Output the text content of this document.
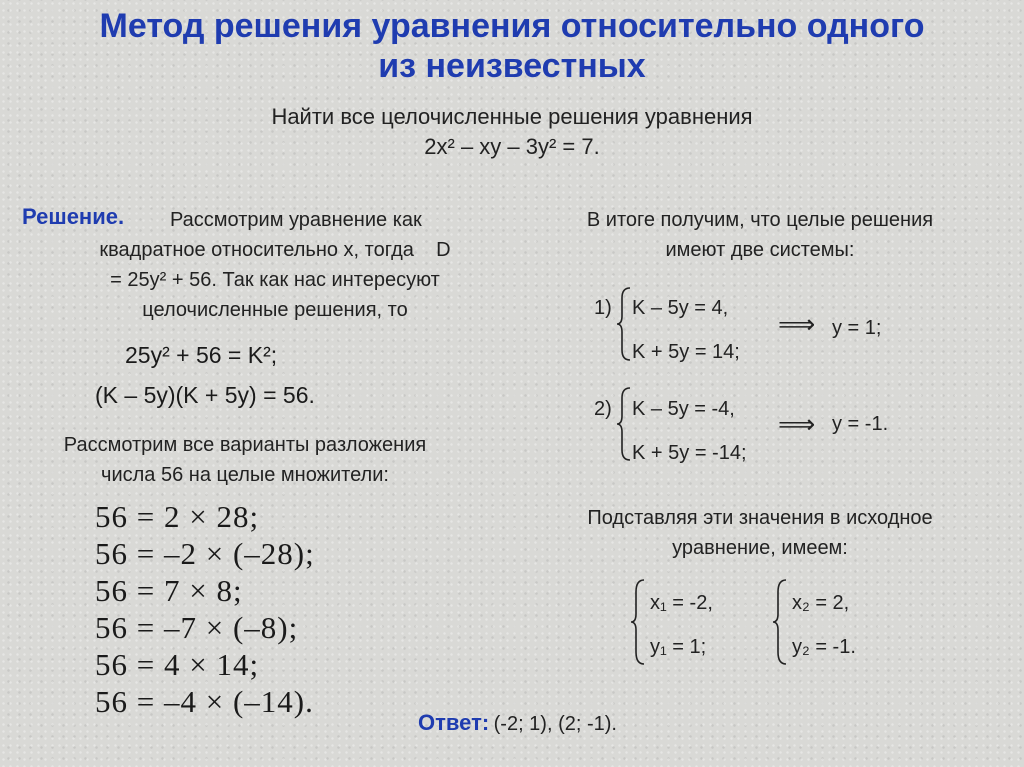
Метод решения уравнения относительно одного
из неизвестных
Найти все целочисленные решения уравнения
2x² – xy – 3y² = 7.
Решение. Рассмотрим уравнение как
квадратное относительно x, тогда    D
= 25y² + 56. Так как нас интересуют
целочисленные решения, то
25y² + 56 = K²;
(K – 5y)(K + 5y) = 56.
Рассмотрим все варианты разложения
числа 56 на целые множители:
56 = 2 × 28;
56 = –2 × (–28);
56 = 7 × 8;
56 = –7 × (–8);
56 = 4 × 14;
56 = –4 × (–14).
В итоге получим, что целые решения
имеют две системы:
1) K – 5y = 4,
K + 5y = 14;
⟹ y = 1;
2) K – 5y = -4,
K + 5y = -14;
⟹ y = -1.
Подставляя эти значения в исходное
уравнение, имеем:
x₁ = -2,
y₁ = 1;
x₂ = 2,
y₂ = -1.
Ответ: (-2; 1), (2; -1).
